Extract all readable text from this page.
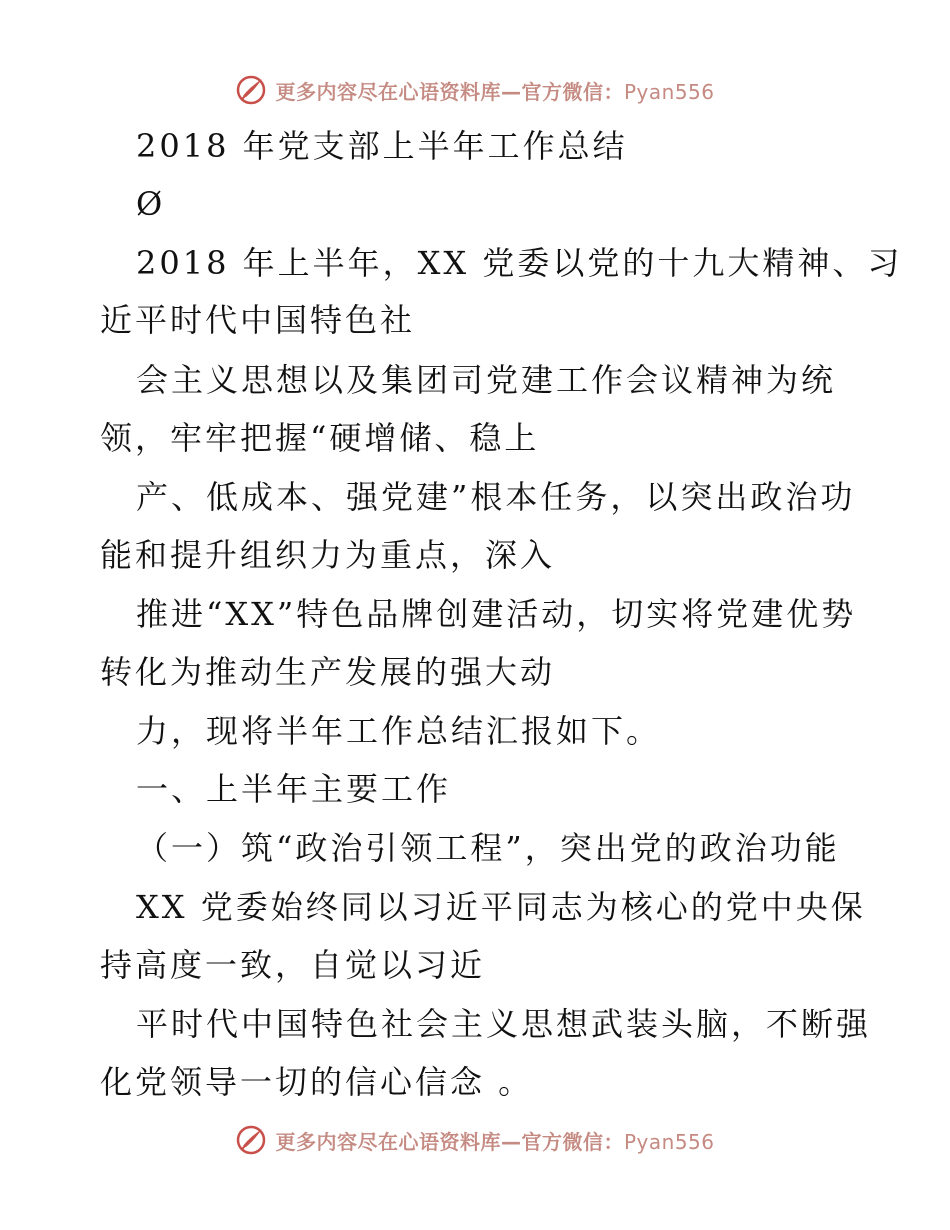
更多内容尽在心语资料库—官方微信：Pyan556
2018 年党支部上半年工作总结
Ø
2018 年上半年，XX 党委以党的十九大精神、习
近平时代中国特色社
会主义思想以及集团司党建工作会议精神为统
领，牢牢把握“硬增储、稳上
产、低成本、强党建”根本任务，以突出政治功
能和提升组织力为重点，深入
推进“XX”特色品牌创建活动，切实将党建优势
转化为推动生产发展的强大动
力，现将半年工作总结汇报如下。
一、上半年主要工作
（一）筑“政治引领工程”，突出党的政治功能
XX 党委始终同以习近平同志为核心的党中央保
持高度一致，自觉以习近
平时代中国特色社会主义思想武装头脑，不断强
化党领导一切的信心信念 。
更多内容尽在心语资料库—官方微信：Pyan556
